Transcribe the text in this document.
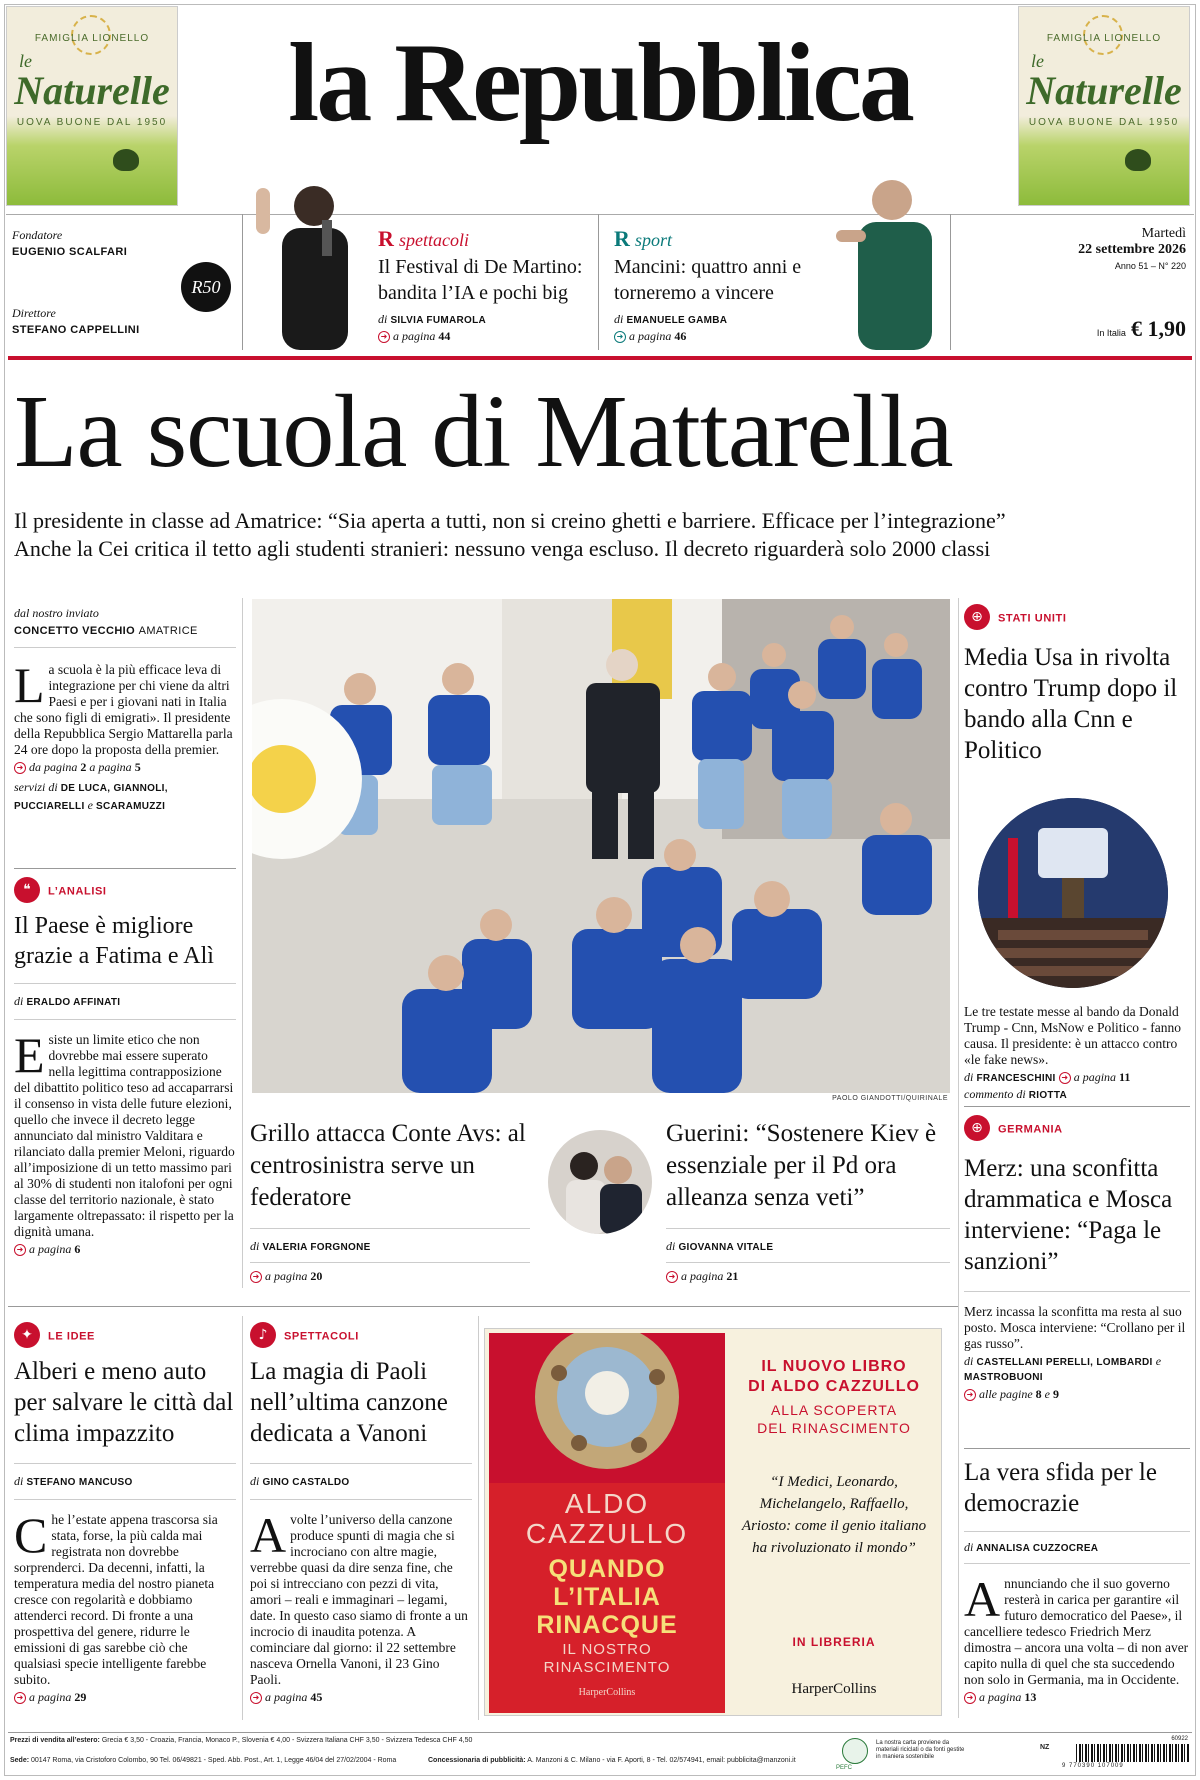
FAMIGLIA LIONELLO
le
Naturelle
UOVA BUONE DAL 1950
FAMIGLIA LIONELLO
le
Naturelle
UOVA BUONE DAL 1950
la Repubblica
Fondatore
EUGENIO SCALFARI
Direttore
STEFANO CAPPELLINI
R50
R spettacoli
Il Festival di De Martino: bandita l’IA e pochi big
di SILVIA FUMAROLA
➜ a pagina 44
R sport
Mancini: quattro anni e torneremo a vincere
di EMANUELE GAMBA
➜ a pagina 46
Martedì
22 settembre 2026
Anno 51 – N° 220
In Italia € 1,90
La scuola di Mattarella
Il presidente in classe ad Amatrice: “Sia aperta a tutti, non si creino ghetti e barriere. Efficace per l’integrazione”
Anche la Cei critica il tetto agli studenti stranieri: nessuno venga escluso. Il decreto riguarderà solo 2000 classi
dal nostro inviato
CONCETTO VECCHIO AMATRICE
La scuola è la più efficace leva di integrazione per chi viene da altri Paesi e per i giovani nati in Italia che sono figli di emigrati». Il presidente della Repubblica Sergio Mattarella parla 24 ore dopo la proposta della premier.
➜ da pagina 2 a pagina 5
servizi di DE LUCA, GIANNOLI, PUCCIARELLI e SCARAMUZZI
❝ L’ANALISI
Il Paese è migliore grazie a Fatima e Alì
di ERALDO AFFINATI
Esiste un limite etico che non dovrebbe mai essere superato nella legittima contrapposizione del dibattito politico teso ad accaparrarsi il consenso in vista delle future elezioni, quello che invece il decreto legge annunciato dal ministro Valditara e rilanciato dalla premier Meloni, riguardo all’imposizione di un tetto massimo pari al 30% di studenti non italofoni per ogni classe del territorio nazionale, è stato largamente oltrepassato: il rispetto per la dignità umana.
➜ a pagina 6
PAOLO GIANDOTTI/QUIRINALE
Grillo attacca Conte Avs: al centrosinistra serve un federatore
di VALERIA FORGNONE
➜ a pagina 20
Guerini: “Sostenere Kiev è essenziale per il Pd ora alleanza senza veti”
di GIOVANNA VITALE
➜ a pagina 21
⊕ STATI UNITI
Media Usa in rivolta contro Trump dopo il bando alla Cnn e Politico
Le tre testate messe al bando da Donald Trump - Cnn, MsNow e Politico - fanno causa. Il presidente: è un attacco contro «le fake news».
di FRANCESCHINI ➜ a pagina 11
commento di RIOTTA
⊕ GERMANIA
Merz: una sconfitta drammatica e Mosca interviene: “Paga le sanzioni”
Merz incassa la sconfitta ma resta al suo posto. Mosca interviene: “Crollano per il gas russo”.
di CASTELLANI PERELLI, LOMBARDI e MASTROBUONI
➜ alle pagine 8 e 9
La vera sfida per le democrazie
di ANNALISA CUZZOCREA
Annunciando che il suo governo resterà in carica per garantire «il futuro democratico del Paese», il cancelliere tedesco Friedrich Merz dimostra – ancora una volta – di non aver capito nulla di quel che sta succedendo non solo in Germania, ma in Occidente.
➜ a pagina 13
✦ LE IDEE
Alberi e meno auto per salvare le città dal clima impazzito
di STEFANO MANCUSO
Che l’estate appena trascorsa sia stata, forse, la più calda mai registrata non dovrebbe sorprenderci. Da decenni, infatti, la temperatura media del nostro pianeta cresce con regolarità e dobbiamo attenderci record. Di fronte a una prospettiva del genere, ridurre le emissioni di gas sarebbe ciò che qualsiasi specie intelligente farebbe subito.
➜ a pagina 29
♪ SPETTACOLI
La magia di Paoli nell’ultima canzone dedicata a Vanoni
di GINO CASTALDO
Avolte l’universo della canzone produce spunti di magia che si incrociano con altre magie, verrebbe quasi da dire senza fine, che poi si intrecciano con pezzi di vita, amori – reali e immaginari – legami, date. In questo caso siamo di fronte a un incrocio di inaudita potenza. A cominciare dal giorno: il 22 settembre nasceva Ornella Vanoni, il 23 Gino Paoli.
➜ a pagina 45
ALDO CAZZULLO
QUANDO L’ITALIA RINACQUE
IL NOSTRO RINASCIMENTO
HarperCollins
IL NUOVO LIBRO
DI ALDO CAZZULLO
ALLA SCOPERTA
DEL RINASCIMENTO
“I Medici, Leonardo, Michelangelo, Raffaello, Ariosto: come il genio italiano ha rivoluzionato il mondo”
IN LIBRERIA
HarperCollins
Prezzi di vendita all’estero: Grecia € 3,50 - Croazia, Francia, Monaco P., Slovenia € 4,00 - Svizzera Italiana CHF 3,50 - Svizzera Tedesca CHF 4,50
Sede: 00147 Roma, via Cristoforo Colombo, 90 Tel. 06/49821 - Sped. Abb. Post., Art. 1, Legge 46/04 del 27/02/2004 - Roma	Concessionaria di pubblicità: A. Manzoni & C. Milano - via F. Aporti, 8 - Tel. 02/574941, email: pubblicita@manzoni.it
PEFC
La nostra carta proviene da materiali riciclati o da fonti gestite in maniera sostenibile
NZ
60922
9 770390 107009
